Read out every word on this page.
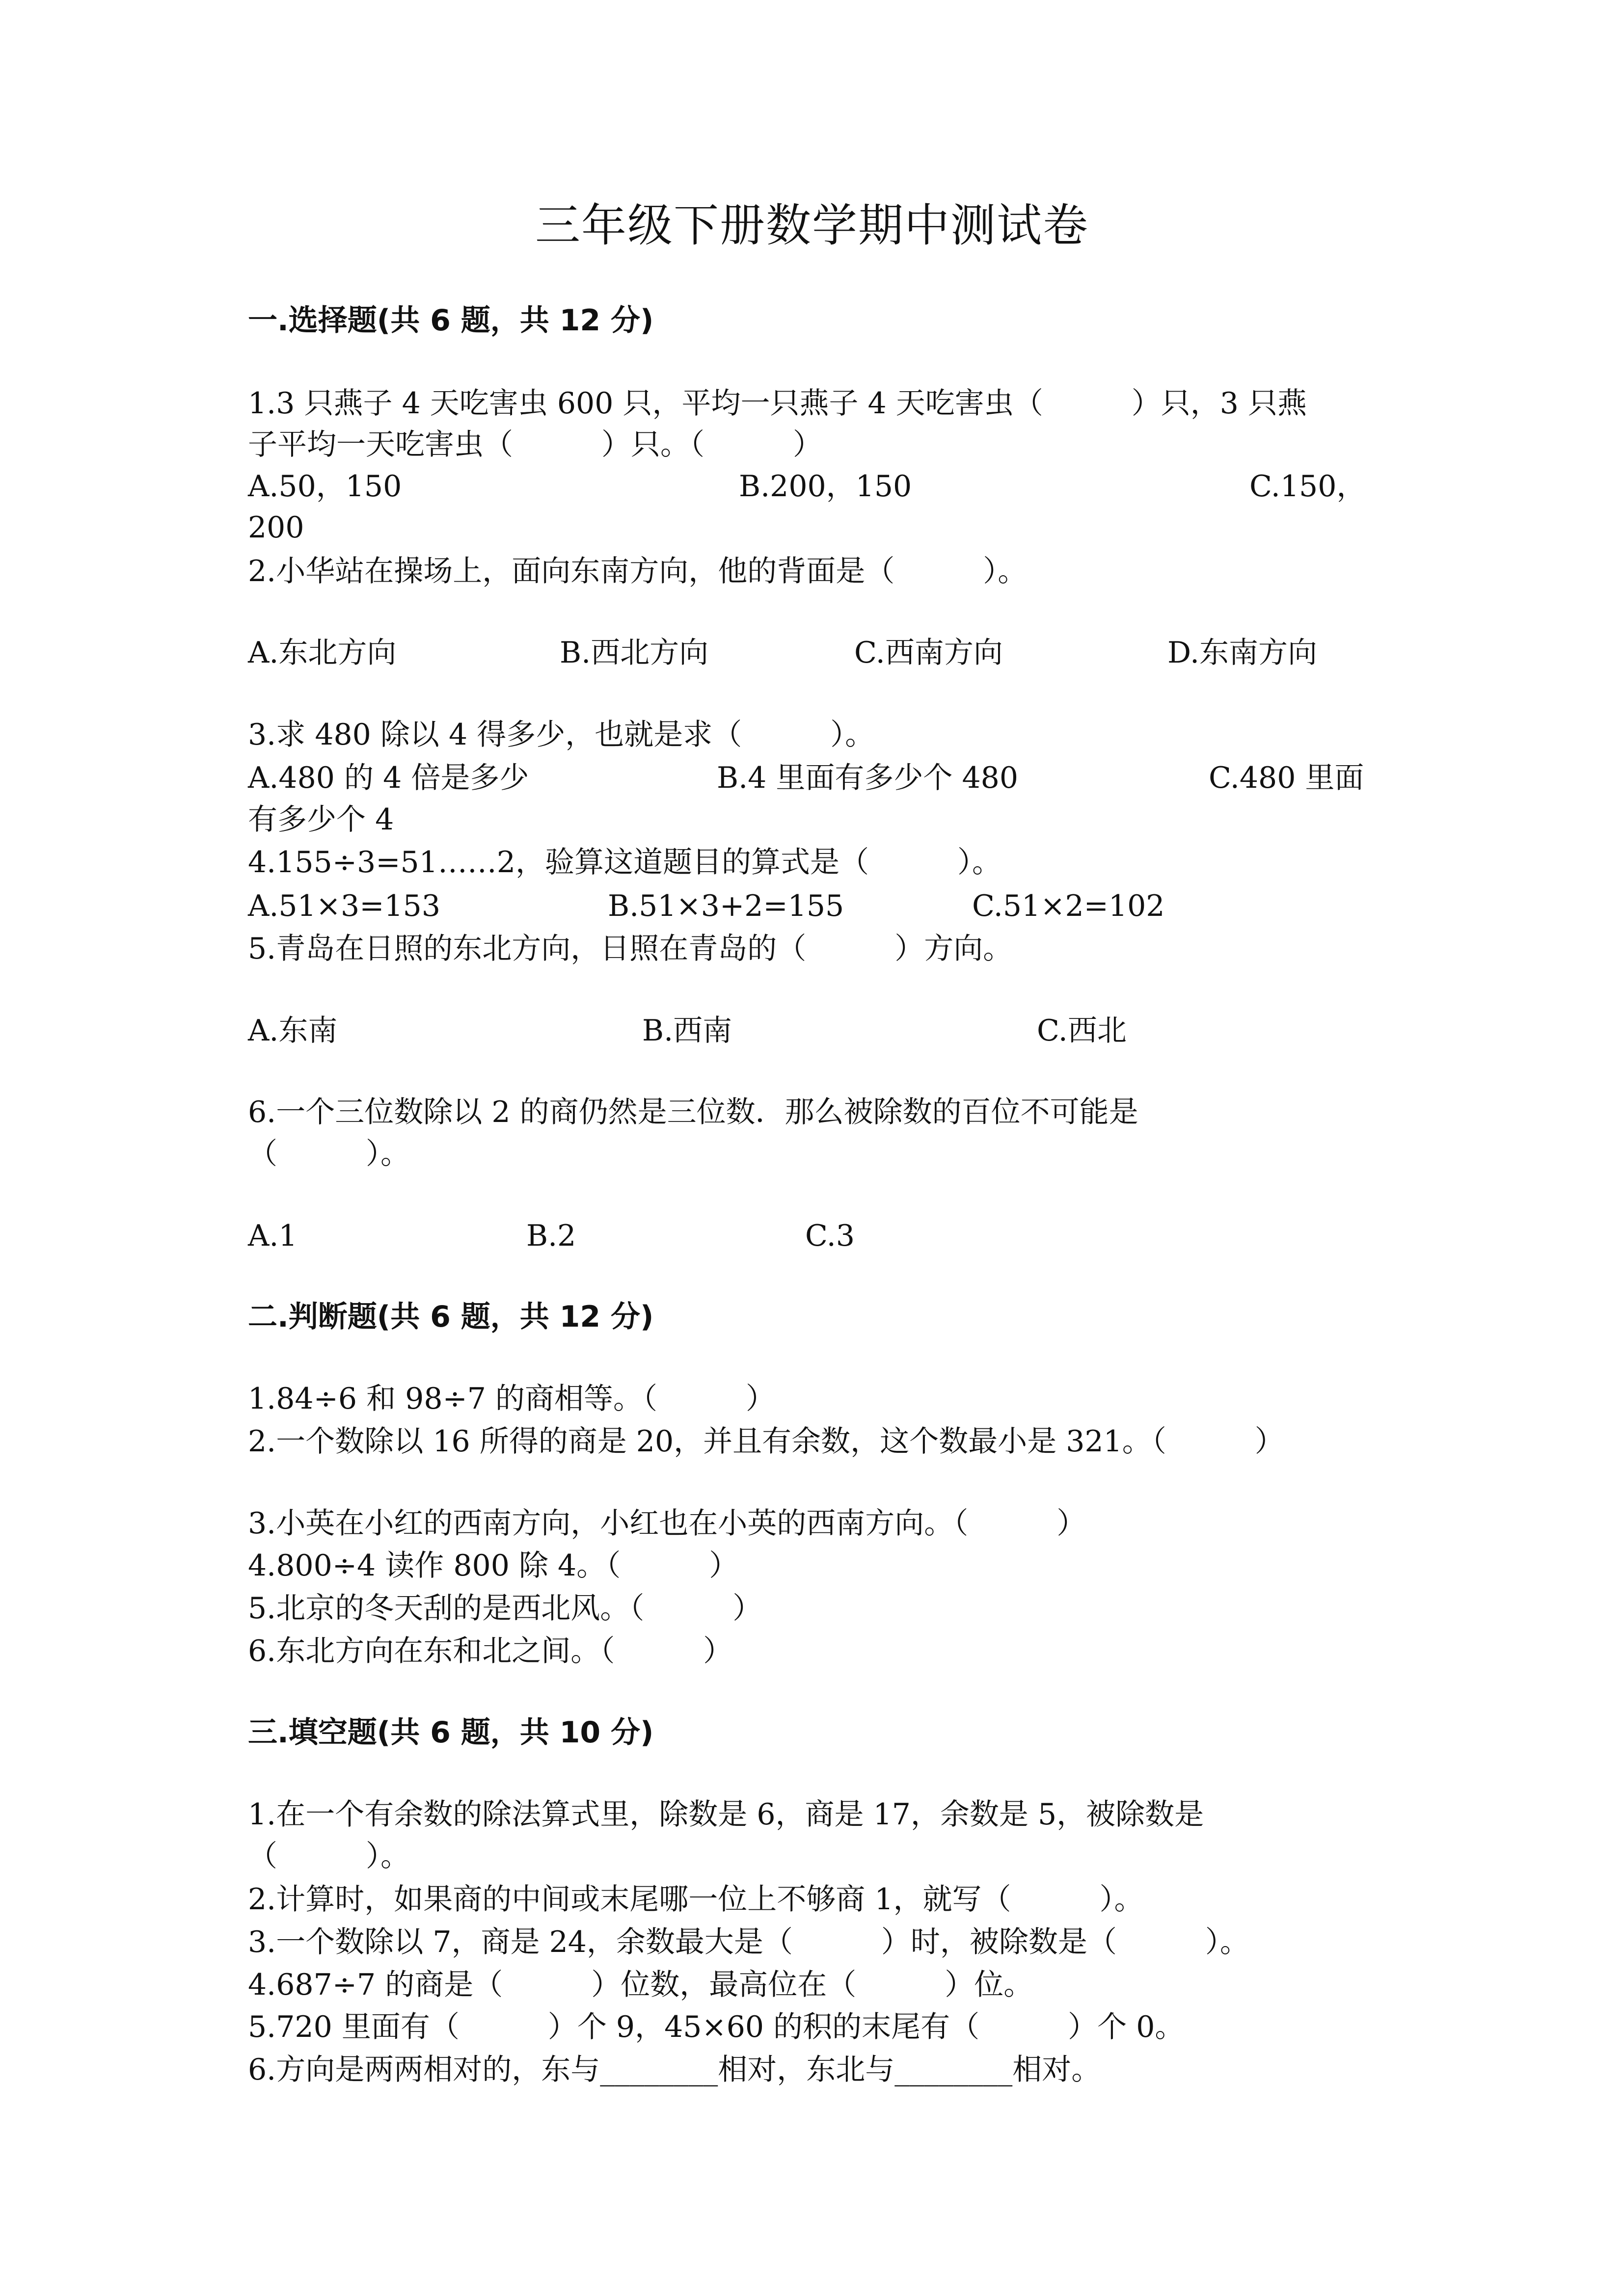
三年级下册数学期中测试卷
一.选择题(共 6 题，共 12 分)
1.3 只燕子 4 天吃害虫 600 只，平均一只燕子 4 天吃害虫（　　　）只，3 只燕
子平均一天吃害虫（　　　）只。（　　　）
A.50，150	B.200，150	C.150，
200
2.小华站在操场上，面向东南方向，他的背面是（　　　）。
A.东北方向	B.西北方向	C.西南方向	D.东南方向
3.求 480 除以 4 得多少，也就是求（　　　）。
A.480 的 4 倍是多少	B.4 里面有多少个 480	C.480 里面
有多少个 4
4.155÷3=51……2，验算这道题目的算式是（　　　）。
A.51×3=153	B.51×3+2=155	C.51×2=102
5.青岛在日照的东北方向，日照在青岛的（　　　）方向。
A.东南	B.西南	C.西北
6.一个三位数除以 2 的商仍然是三位数．那么被除数的百位不可能是
（　　　）。
A.1	B.2	C.3
二.判断题(共 6 题，共 12 分)
1.84÷6 和 98÷7 的商相等。（　　　）
2.一个数除以 16 所得的商是 20，并且有余数，这个数最小是 321。（　　　）
3.小英在小红的西南方向，小红也在小英的西南方向。（　　　）
4.800÷4 读作 800 除 4。（　　　）
5.北京的冬天刮的是西北风。（　　　）
6.东北方向在东和北之间。（　　　）
三.填空题(共 6 题，共 10 分)
1.在一个有余数的除法算式里，除数是 6，商是 17，余数是 5，被除数是
（　　　）。
2.计算时，如果商的中间或末尾哪一位上不够商 1，就写（　　　）。
3.一个数除以 7，商是 24，余数最大是（　　　）时，被除数是（　　　）。
4.687÷7 的商是（　　　）位数，最高位在（　　　）位。
5.720 里面有（　　　）个 9，45×60 的积的末尾有（　　　）个 0。
6.方向是两两相对的，东与________相对，东北与________相对。
